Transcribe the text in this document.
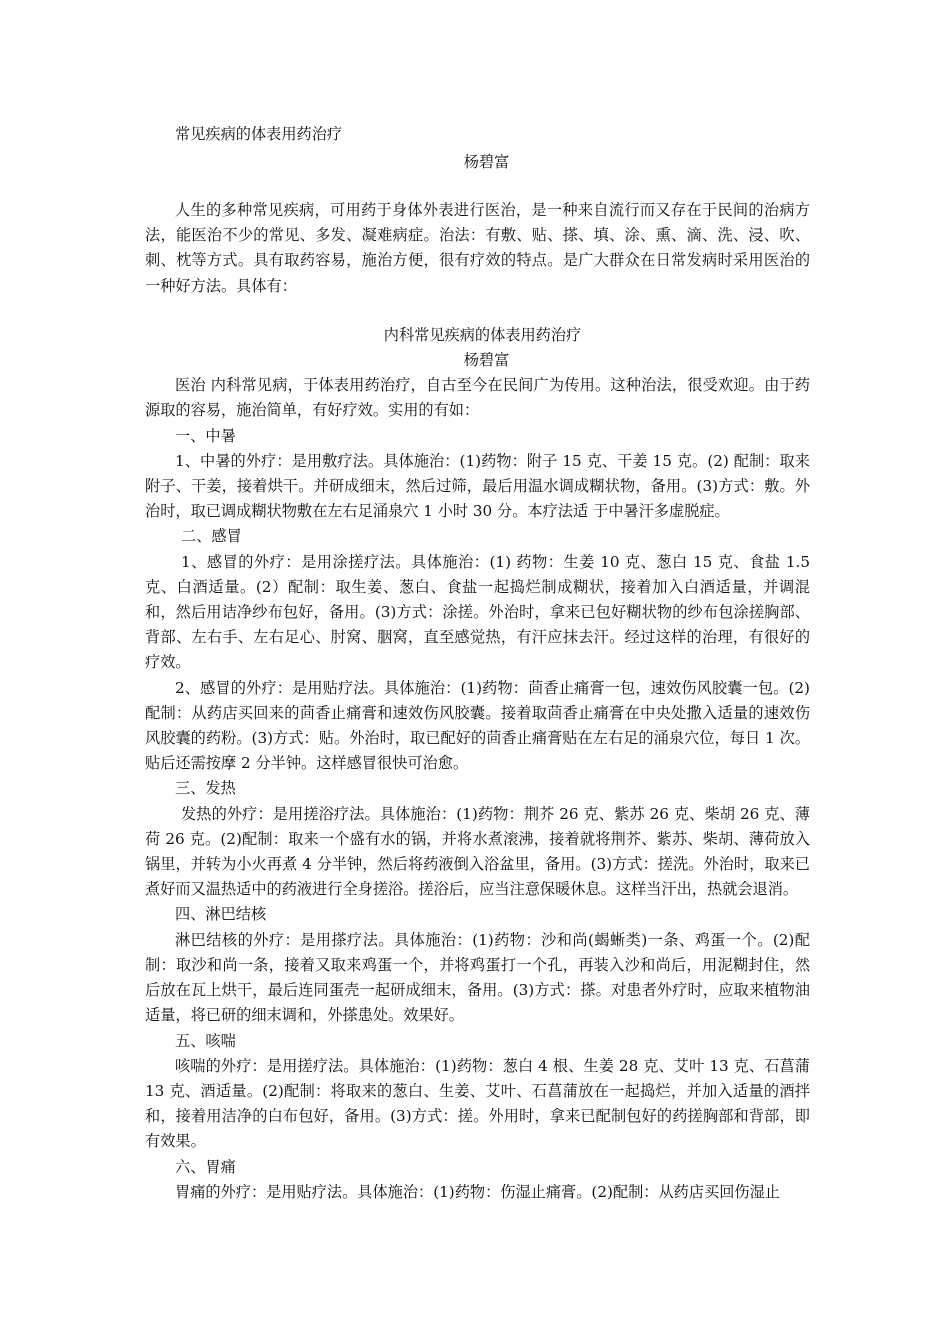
常见疾病的体表用药治疗

杨碧富

人生的多种常见疾病，可用药于身体外表进行医治，是一种来自流行而又存在于民间的治病方法，能医治不少的常见、多发、凝难病症。治法：有敷、贴、搽、填、涂、熏、滴、洗、浸、吹、刺、枕等方式。具有取药容易，施治方便，很有疗效的特点。是广大群众在日常发病时采用医治的一种好方法。具体有：

内科常见疾病的体表用药治疗

杨碧富

医治 内科常见病，于体表用药治疗，自古至今在民间广为传用。这种治法，很受欢迎。由于药源取的容易，施治简单，有好疗效。实用的有如：

一、中暑

1、中暑的外疗：是用敷疗法。具体施治：(1)药物：附子 15 克、干姜 15 克。(2) 配制：取来附子、干姜，接着烘干。并研成细末，然后过筛，最后用温水调成糊状物，备用。(3)方式：敷。外治时，取已调成糊状物敷在左右足涌泉穴 1 小时 30 分。本疗法适 于中暑汗多虚脱症。

二、感冒

1、感冒的外疗：是用涂搓疗法。具体施治：(1) 药物：生姜 10 克、葱白 15 克、食盐 1.5 克、白酒适量。(2）配制：取生姜、葱白、食盐一起捣烂制成糊状，接着加入白酒适量，并调混和，然后用诘净纱布包好，备用。(3)方式：涂搓。外治时，拿来已包好糊状物的纱布包涂搓胸部、背部、左右手、左右足心、肘窝、胭窝，直至感觉热，有汗应抹去汗。经过这样的治理，有很好的疗效。

2、感冒的外疗：是用贴疗法。具体施治：(1)药物：茴香止痛膏一包，速效伤风胶囊一包。(2)配制：从药店买回来的茴香止痛膏和速效伤风胶囊。接着取茴香止痛膏在中央处撒入适量的速效伤风胶囊的药粉。(3)方式：贴。外治时，取已配好的茴香止痛膏贴在左右足的涌泉穴位，每日 1 次。贴后还需按摩 2 分半钟。这样感冒很快可治愈。

三、发热

发热的外疗：是用搓浴疗法。具体施治：(1)药物：荆芥 26 克、紫苏 26 克、柴胡 26 克、薄荷 26 克。(2)配制：取来一个盛有水的锅，并将水煮滚沸，接着就将荆芥、紫苏、柴胡、薄荷放入锅里，并转为小火再煮 4 分半钟，然后将药液倒入浴盆里，备用。(3)方式：搓洗。外治时，取来已煮好而又温热适中的药液进行全身搓浴。搓浴后，应当注意保暖休息。这样当汗出，热就会退消。

四、淋巴结核

淋巴结核的外疗：是用搽疗法。具体施治：(1)药物：沙和尚(蝎蜥类)一条、鸡蛋一个。(2)配制：取沙和尚一条，接着又取来鸡蛋一个，并将鸡蛋打一个孔，再装入沙和尚后，用泥糊封住，然后放在瓦上烘干，最后连同蛋壳一起研成细末，备用。(3)方式：搽。对患者外疗时，应取来植物油适量，将已研的细末调和，外搽患处。效果好。

五、咳喘

咳喘的外疗：是用搓疗法。具体施治：(1)药物：葱白 4 根、生姜 28 克、艾叶 13 克、石菖蒲 13 克、酒适量。(2)配制：将取来的葱白、生姜、艾叶、石菖蒲放在一起捣烂，并加入适量的酒拌和，接着用洁净的白布包好，备用。(3)方式：搓。外用时，拿来已配制包好的药搓胸部和背部，即有效果。

六、胃痛

胃痛的外疗：是用贴疗法。具体施治：(1)药物：伤湿止痛膏。(2)配制：从药店买回伤湿止
